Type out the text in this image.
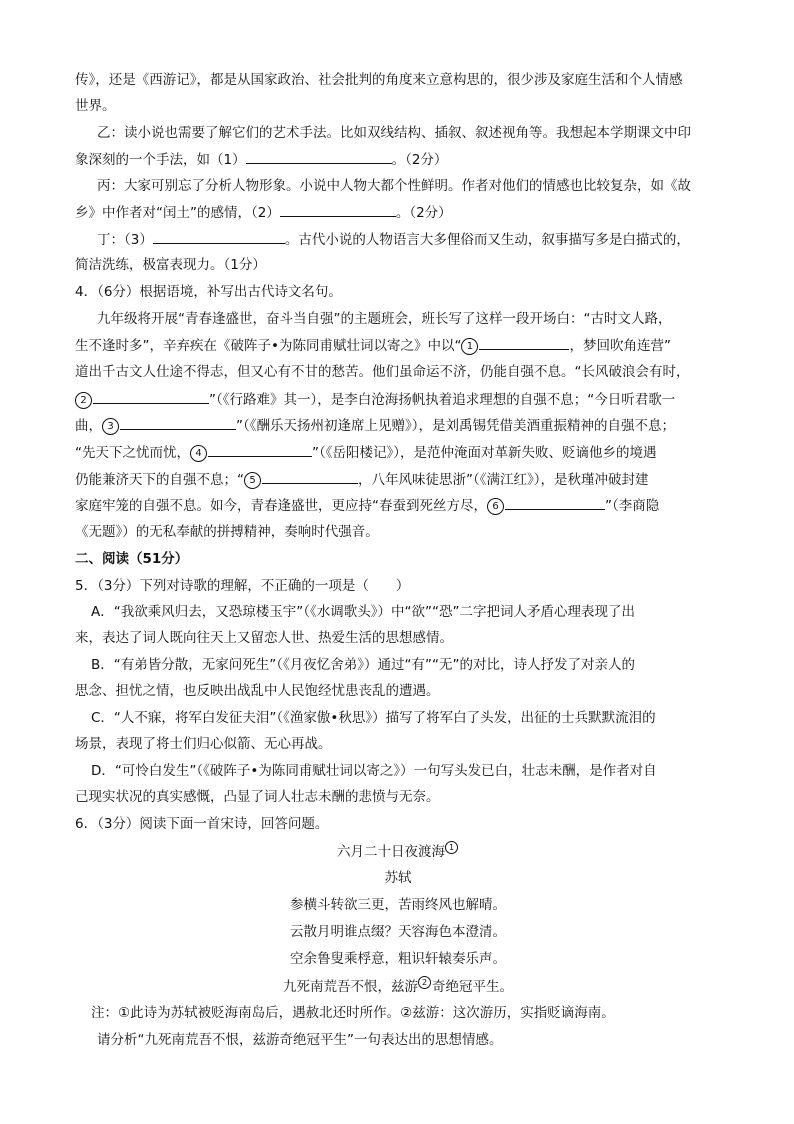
传》，还是《西游记》，都是从国家政治、社会批判的角度来立意构思的，很少涉及家庭生活和个人情感
世界。
乙：读小说也需要了解它们的艺术手法。比如双线结构、插叙、叙述视角等。我想起本学期课文中印
象深刻的一个手法，如（1）	。（2分）
丙：大家可别忘了分析人物形象。小说中人物大都个性鲜明。作者对他们的情感也比较复杂，如《故
乡》中作者对“闰土”的感情，（2）	。（2分）
丁：（3）	。古代小说的人物语言大多俚俗而又生动，叙事描写多是白描式的，
简洁洗练，极富表现力。（1分）
4．（6分）根据语境，补写出古代诗文名句。
九年级将开展“青春逢盛世，奋斗当自强”的主题班会，班长写了这样一段开场白：“古时文人路，
生不逢时多”，辛弃疾在《破阵子•为陈同甫赋壮词以寄之》中以“ 1	，梦回吹角连营”
道出千古文人仕途不得志，但又心有不甘的愁苦。他们虽命运不济，仍能自强不息。“长风破浪会有时，
2	”（《行路难》其一），是李白沧海扬帆执着追求理想的自强不息；“今日听君歌一
曲， 3	”（《酬乐天扬州初逢席上见赠》），是刘禹锡凭借美酒重振精神的自强不息；
“先天下之忧而忧， 4	”（《岳阳楼记》），是范仲淹面对革新失败、贬谪他乡的境遇
仍能兼济天下的自强不息；“ 5	，八年风味徒思浙”（《满江红》），是秋瑾冲破封建
家庭牢笼的自强不息。如今，青春逢盛世，更应持“春蚕到死丝方尽， 6	”（李商隐
《无题》）的无私奉献的拼搏精神，奏响时代强音。
二、阅读（51分）
5．（3分）下列对诗歌的理解，不正确的一项是（　　）
A．“我欲乘风归去，又恐琼楼玉宇”（《水调歌头》）中“欲”“恐”二字把词人矛盾心理表现了出
来，表达了词人既向往天上又留恋人世、热爱生活的思想感情。
B．“有弟皆分散，无家问死生”（《月夜忆舍弟》）通过“有”“无”的对比，诗人抒发了对亲人的
思念、担忧之情，也反映出战乱中人民饱经忧患丧乱的遭遇。
C．“人不寐，将军白发征夫泪”（《渔家傲•秋思》）描写了将军白了头发，出征的士兵默默流泪的
场景，表现了将士们归心似箭、无心再战。
D．“可怜白发生”（《破阵子•为陈同甫赋壮词以寄之》）一句写头发已白，壮志未酬，是作者对自
己现实状况的真实感慨，凸显了词人壮志未酬的悲愤与无奈。
6．（3分）阅读下面一首宋诗，回答问题。
六月二十日夜渡海 $^1$
苏轼
参横斗转欲三更，苦雨终风也解晴。
云散月明谁点缀？天容海色本澄清。
空余鲁叟乘桴意，粗识轩辕奏乐声。
九死南荒吾不恨，兹游 $^2$ 奇绝冠平生。
注：①此诗为苏轼被贬海南岛后，遇赦北还时所作。②兹游：这次游历，实指贬谪海南。
请分析“九死南荒吾不恨，兹游奇绝冠平生”一句表达出的思想情感。
